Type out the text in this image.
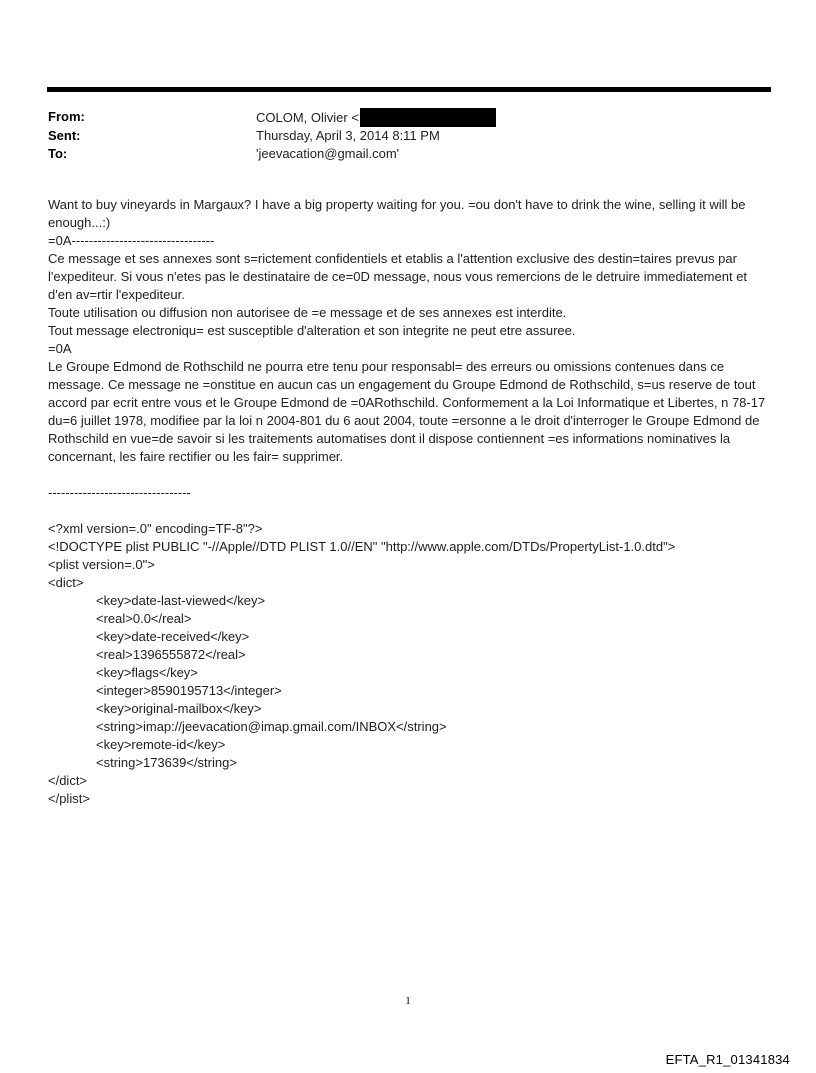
From:	COLOM, Olivier <
Sent:	Thursday, April 3, 2014 8:11 PM
To:	'jeevacation@gmail.com'
Want to buy vineyards in Margaux? I have a big property waiting for you. =ou don't have to drink the wine, selling it will be enough...:)
=0A---------------------------------
Ce message et ses annexes sont s=rictement confidentiels et etablis a l'attention exclusive des destin=taires prevus par l'expediteur. Si vous n'etes pas le destinataire de ce=0D message, nous vous remercions de le detruire immediatement et d'en av=rtir l'expediteur.
Toute utilisation ou diffusion non autorisee de =e message et de ses annexes est interdite.
Tout message electroniqu= est susceptible d'alteration et son integrite ne peut etre assuree.
=0A
Le Groupe Edmond de Rothschild ne pourra etre tenu pour responsabl= des erreurs ou omissions contenues dans ce message. Ce message ne =onstitue en aucun cas un engagement du Groupe Edmond de Rothschild, s=us reserve de tout accord par ecrit entre vous et le Groupe Edmond de =0ARothschild. Conformement a la Loi Informatique et Libertes, n 78-17 du=6 juillet 1978, modifiee par la loi n 2004-801 du 6 aout 2004, toute =ersonne a le droit d'interroger le Groupe Edmond de Rothschild en vue=de savoir si les traitements automatises dont il dispose contiennent =es informations nominatives la concernant, les faire rectifier ou les fair= supprimer.
---------------------------------
<?xml version=.0" encoding=TF-8"?>
<!DOCTYPE plist PUBLIC "-//Apple//DTD PLIST 1.0//EN" "http://www.apple.com/DTDs/PropertyList-1.0.dtd">
<plist version=.0">
<dict>
<key>date-last-viewed</key>
<real>0.0</real>
<key>date-received</key>
<real>1396555872</real>
<key>flags</key>
<integer>8590195713</integer>
<key>original-mailbox</key>
<string>imap://jeevacation@imap.gmail.com/INBOX</string>
<key>remote-id</key>
<string>173639</string>
</dict>
</plist>
1
EFTA_R1_01341834
